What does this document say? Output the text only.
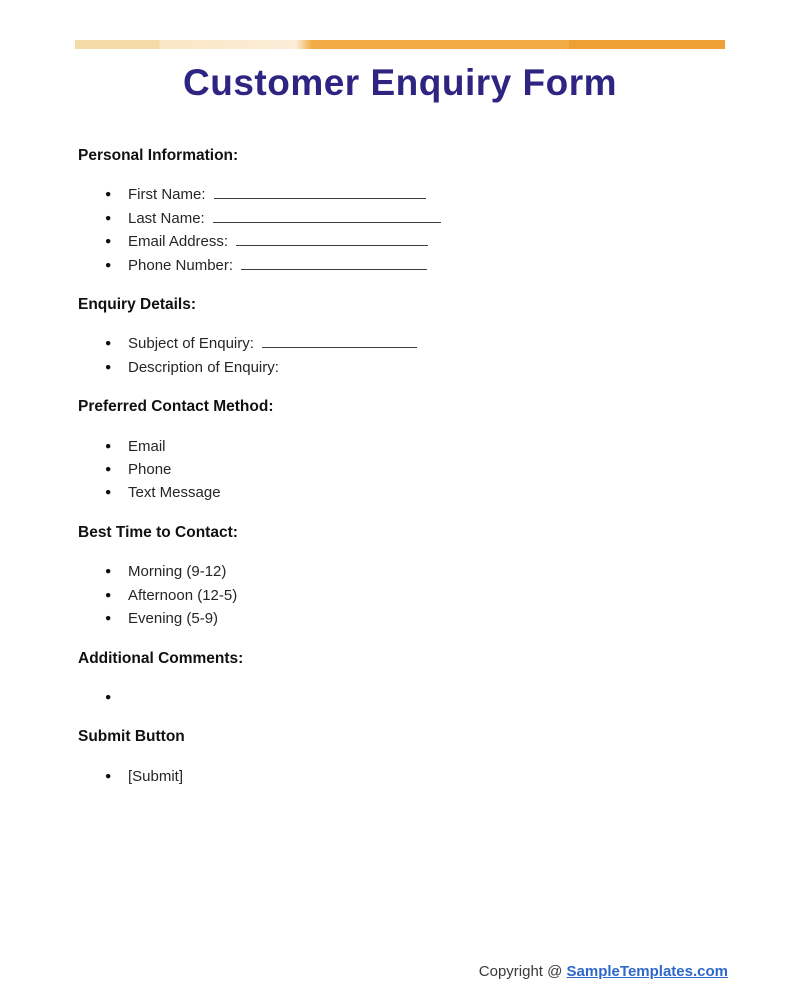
Customer Enquiry Form
Personal Information:
● First Name:
● Last Name:
● Email Address:
● Phone Number:
Enquiry Details:
● Subject of Enquiry:
● Description of Enquiry:
Preferred Contact Method:
● Email
● Phone
● Text Message
Best Time to Contact:
● Morning (9-12)
● Afternoon (12-5)
● Evening (5-9)
Additional Comments:
●
Submit Button
● [Submit]
Copyright @ SampleTemplates.com
